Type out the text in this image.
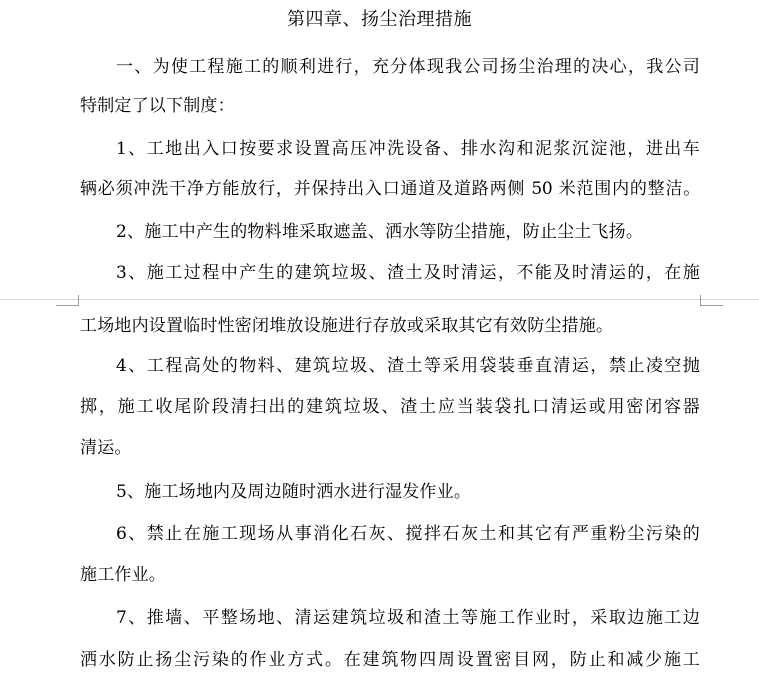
第四章、扬尘治理措施
一、为使工程施工的顺利进行，充分体现我公司扬尘治理的决心，我公司
特制定了以下制度：
1、工地出入口按要求设置高压冲洗设备、排水沟和泥浆沉淀池，进出车
辆必须冲洗干净方能放行，并保持出入口通道及道路两侧 50 米范围内的整洁。
2、施工中产生的物料堆采取遮盖、洒水等防尘措施，防止尘土飞扬。
3、施工过程中产生的建筑垃圾、渣土及时清运，不能及时清运的，在施
工场地内设置临时性密闭堆放设施进行存放或采取其它有效防尘措施。
4、工程高处的物料、建筑垃圾、渣土等采用袋装垂直清运，禁止凌空抛
掷，施工收尾阶段清扫出的建筑垃圾、渣土应当装袋扎口清运或用密闭容器
清运。
5、施工场地内及周边随时洒水进行湿发作业。
6、禁止在施工现场从事消化石灰、搅拌石灰土和其它有严重粉尘污染的
施工作业。
7、推墙、平整场地、清运建筑垃圾和渣土等施工作业时，采取边施工边
洒水防止扬尘污染的作业方式。在建筑物四周设置密目网，防止和减少施工
